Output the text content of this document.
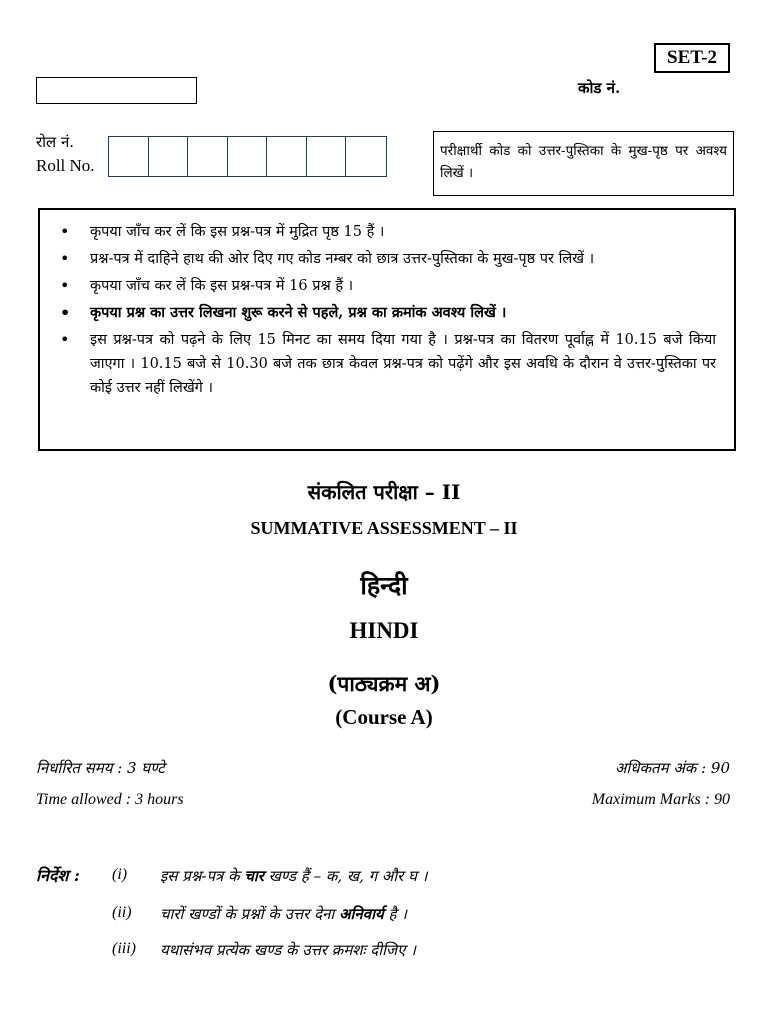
SET-2
कोड नं.
रोल नं.
Roll No.
परीक्षार्थी कोड को उत्तर-पुस्तिका के मुख-पृष्ठ पर अवश्य लिखें ।
• कृपया जाँच कर लें कि इस प्रश्न-पत्र में मुद्रित पृष्ठ 15 हैं ।
• प्रश्न-पत्र में दाहिने हाथ की ओर दिए गए कोड नम्बर को छात्र उत्तर-पुस्तिका के मुख-पृष्ठ पर लिखें ।
• कृपया जाँच कर लें कि इस प्रश्न-पत्र में 16 प्रश्न हैं ।
• कृपया प्रश्न का उत्तर लिखना शुरू करने से पहले, प्रश्न का क्रमांक अवश्य लिखें ।
• इस प्रश्न-पत्र को पढ़ने के लिए 15 मिनट का समय दिया गया है । प्रश्न-पत्र का वितरण पूर्वाह्न में 10.15 बजे किया जाएगा । 10.15 बजे से 10.30 बजे तक छात्र केवल प्रश्न-पत्र को पढ़ेंगे और इस अवधि के दौरान वे उत्तर-पुस्तिका पर कोई उत्तर नहीं लिखेंगे ।
संकलित परीक्षा – II
SUMMATIVE ASSESSMENT – II
हिन्दी
HINDI
(पाठ्यक्रम अ)
(Course A)
निर्धारित समय : 3 घण्टे
Time allowed : 3 hours
अधिकतम अंक : 90
Maximum Marks : 90
निर्देश : (i)	इस प्रश्न-पत्र के चार खण्ड हैं – क, ख, ग और घ ।
(ii)	चारों खण्डों के प्रश्नों के उत्तर देना अनिवार्य है ।
(iii)	यथासंभव प्रत्येक खण्ड के उत्तर क्रमशः दीजिए ।
